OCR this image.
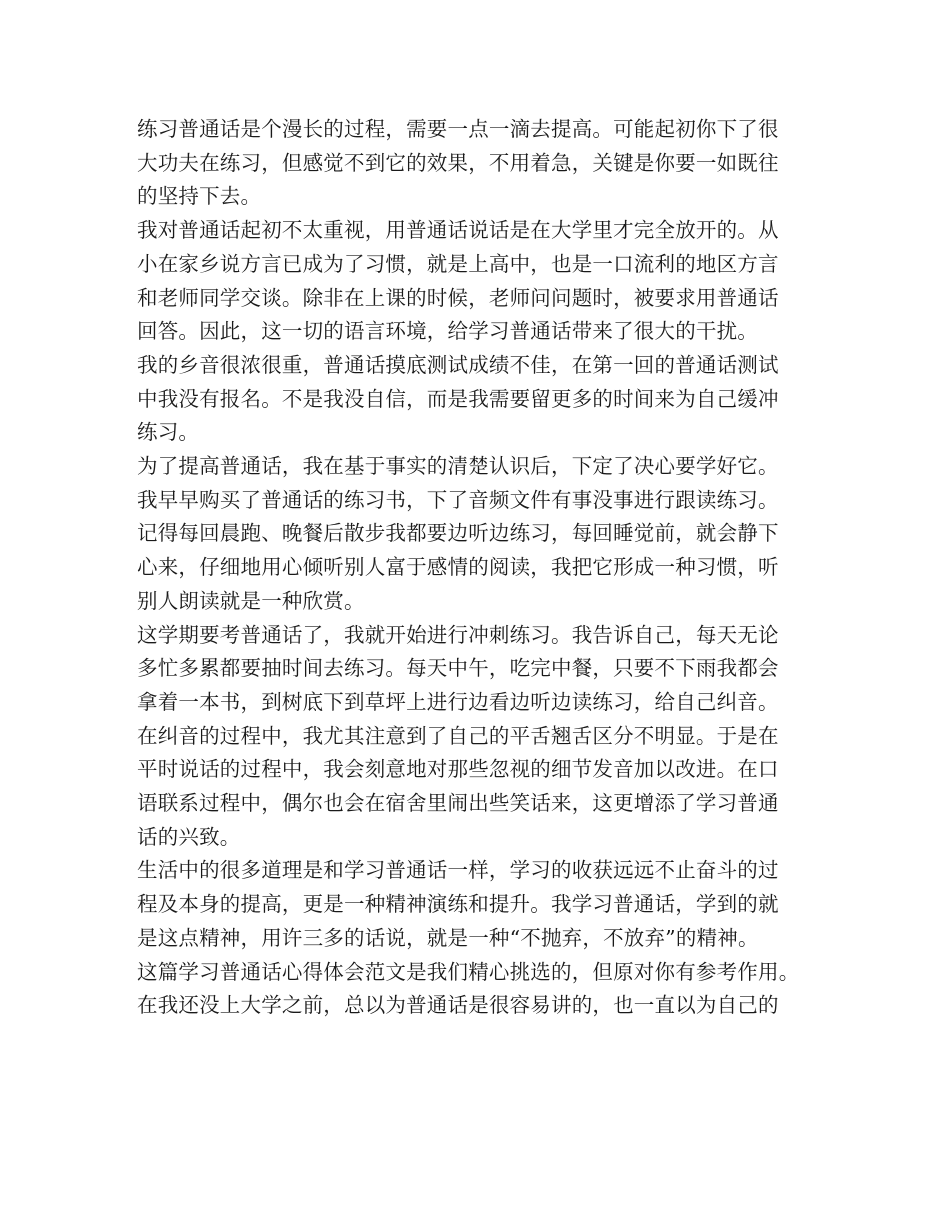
练习普通话是个漫长的过程，需要一点一滴去提高。可能起初你下了很
大功夫在练习，但感觉不到它的效果，不用着急，关键是你要一如既往
的坚持下去。
我对普通话起初不太重视，用普通话说话是在大学里才完全放开的。从
小在家乡说方言已成为了习惯，就是上高中，也是一口流利的地区方言
和老师同学交谈。除非在上课的时候，老师问问题时，被要求用普通话
回答。因此，这一切的语言环境，给学习普通话带来了很大的干扰。
我的乡音很浓很重，普通话摸底测试成绩不佳，在第一回的普通话测试
中我没有报名。不是我没自信，而是我需要留更多的时间来为自己缓冲
练习。
为了提高普通话，我在基于事实的清楚认识后，下定了决心要学好它。
我早早购买了普通话的练习书，下了音频文件有事没事进行跟读练习。
记得每回晨跑、晚餐后散步我都要边听边练习，每回睡觉前，就会静下
心来，仔细地用心倾听别人富于感情的阅读，我把它形成一种习惯，听
别人朗读就是一种欣赏。
这学期要考普通话了，我就开始进行冲刺练习。我告诉自己，每天无论
多忙多累都要抽时间去练习。每天中午，吃完中餐，只要不下雨我都会
拿着一本书，到树底下到草坪上进行边看边听边读练习，给自己纠音。
在纠音的过程中，我尤其注意到了自己的平舌翘舌区分不明显。于是在
平时说话的过程中，我会刻意地对那些忽视的细节发音加以改进。在口
语联系过程中，偶尔也会在宿舍里闹出些笑话来，这更增添了学习普通
话的兴致。
生活中的很多道理是和学习普通话一样，学习的收获远远不止奋斗的过
程及本身的提高，更是一种精神演练和提升。我学习普通话，学到的就
是这点精神，用许三多的话说，就是一种“不抛弃，不放弃”的精神。
这篇学习普通话心得体会范文是我们精心挑选的，但原对你有参考作用。
在我还没上大学之前，总以为普通话是很容易讲的，也一直以为自己的
